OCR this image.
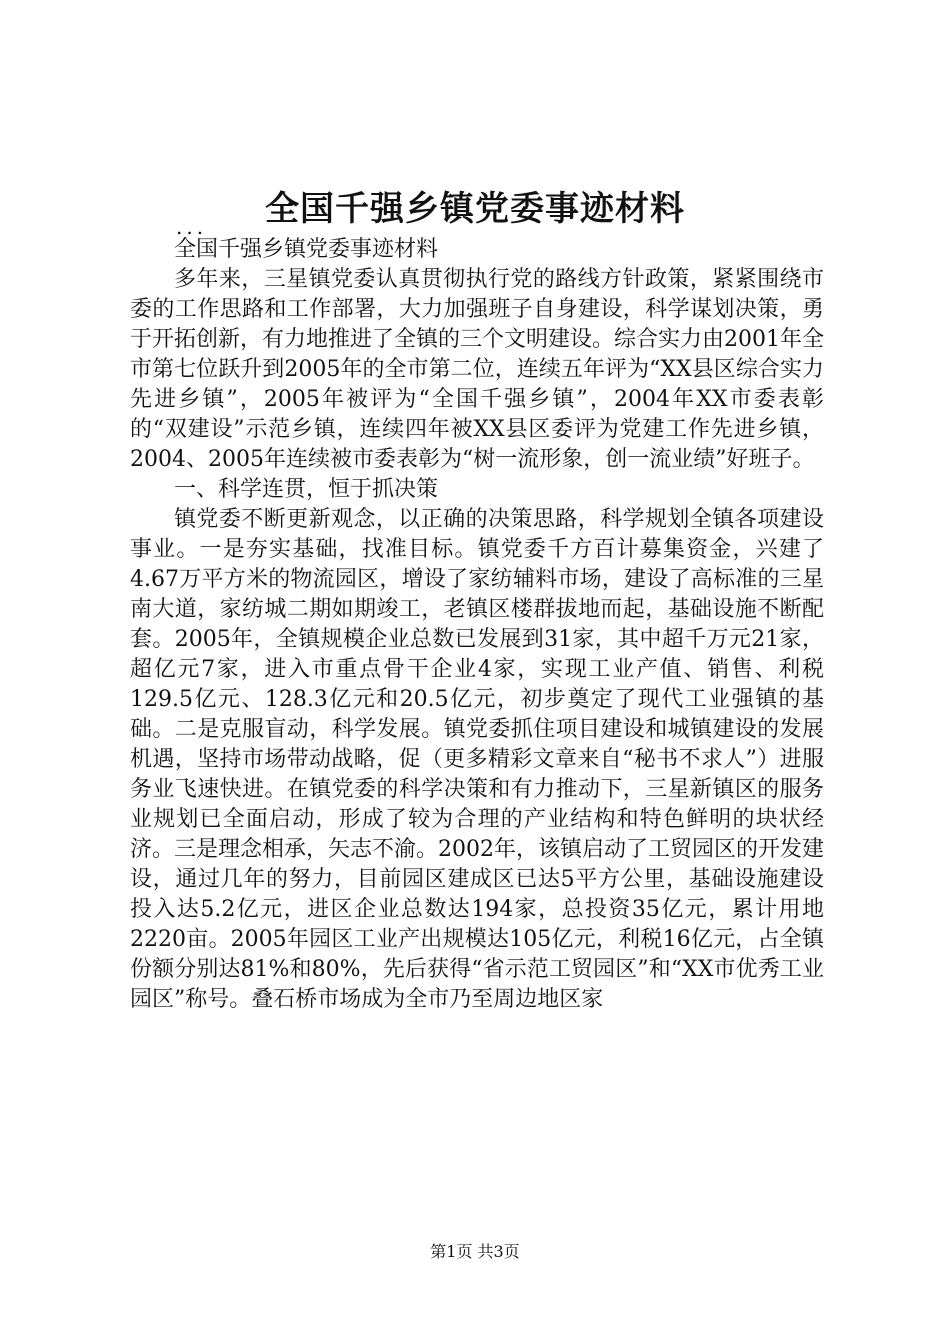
全国千强乡镇党委事迹材料
...

全国千强乡镇党委事迹材料

多年来，三星镇党委认真贯彻执行党的路线方针政策，紧紧围绕市委的工作思路和工作部署，大力加强班子自身建设，科学谋划决策，勇于开拓创新，有力地推进了全镇的三个文明建设。综合实力由2001年全市第七位跃升到2005年的全市第二位，连续五年评为“XX县区综合实力先进乡镇”，2005年被评为“全国千强乡镇”，2004年XX市委表彰的“双建设”示范乡镇，连续四年被XX县区委评为党建工作先进乡镇，2004、2005年连续被市委表彰为“树一流形象，创一流业绩”好班子。

一、科学连贯，恒于抓决策

镇党委不断更新观念，以正确的决策思路，科学规划全镇各项建设事业。一是夯实基础，找准目标。镇党委千方百计募集资金，兴建了4.67万平方米的物流园区，增设了家纺辅料市场，建设了高标准的三星南大道，家纺城二期如期竣工，老镇区楼群拔地而起，基础设施不断配套。2005年，全镇规模企业总数已发展到31家，其中超千万元21家，超亿元7家，进入市重点骨干企业4家，实现工业产值、销售、利税129.5亿元、128.3亿元和20.5亿元，初步奠定了现代工业强镇的基础。二是克服盲动，科学发展。镇党委抓住项目建设和城镇建设的发展机遇，坚持市场带动战略，促（更多精彩文章来自“秘书不求人”）进服务业飞速快进。在镇党委的科学决策和有力推动下，三星新镇区的服务业规划已全面启动，形成了较为合理的产业结构和特色鲜明的块状经济。三是理念相承，矢志不渝。2002年，该镇启动了工贸园区的开发建设，通过几年的努力，目前园区建成区已达5平方公里，基础设施建设投入达5.2亿元，进区企业总数达194家，总投资35亿元，累计用地2220亩。2005年园区工业产出规模达105亿元，利税16亿元，占全镇份额分别达81%和80%，先后获得“省示范工贸园区”和“XX市优秀工业园区”称号。叠石桥市场成为全市乃至周边地区家

第1页 共3页
